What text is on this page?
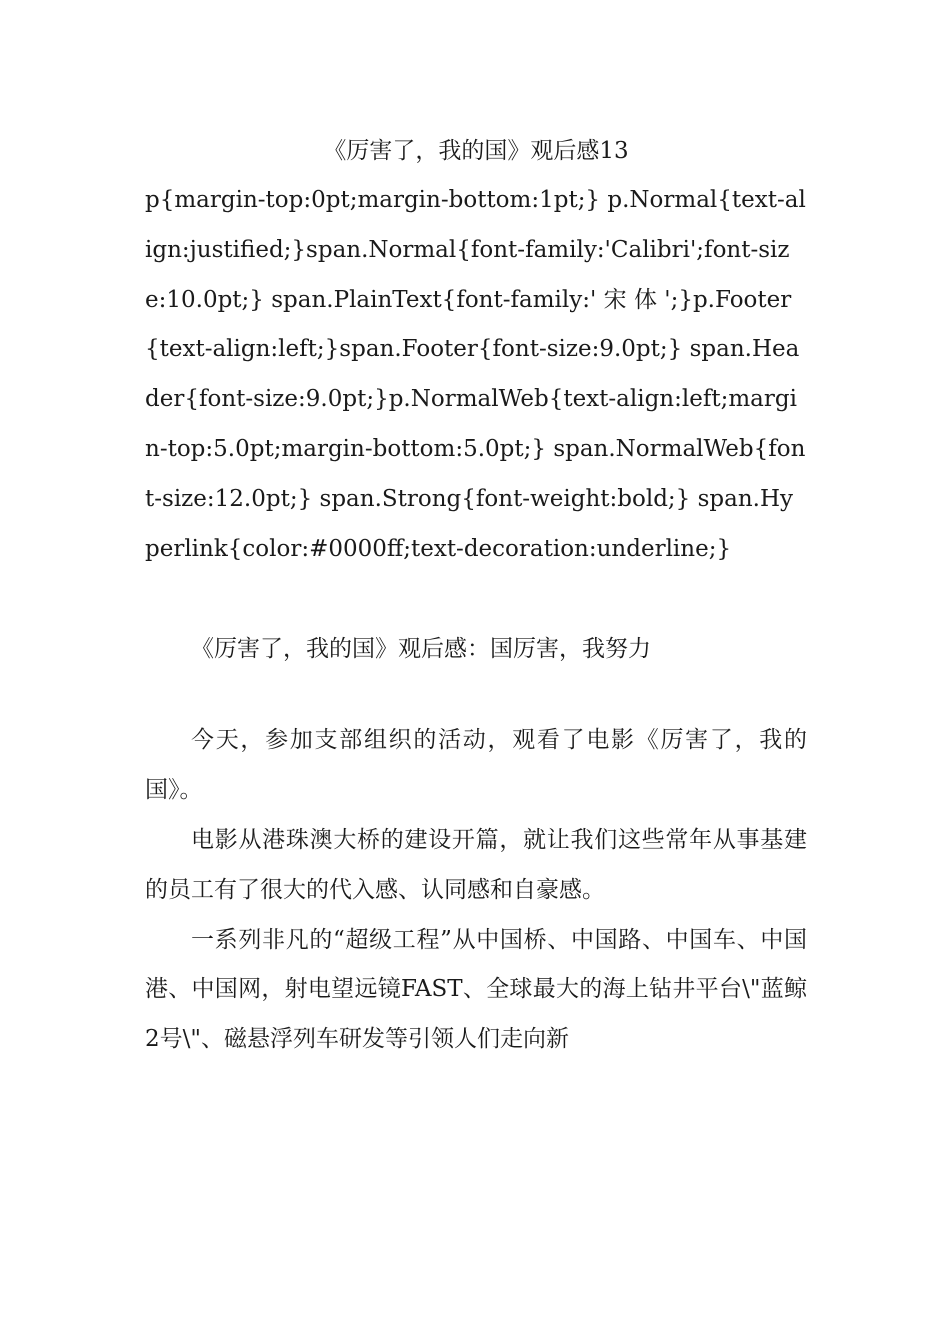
《厉害了，我的国》观后感13
p{margin-top:0pt;margin-bottom:1pt;} p.Normal{text-align:justified;}span.Normal{font-family:'Calibri';font-size:10.0pt;} span.PlainText{font-family:' 宋 体 ';}p.Footer{text-align:left;}span.Footer{font-size:9.0pt;} span.Header{font-size:9.0pt;}p.NormalWeb{text-align:left;margin-top:5.0pt;margin-bottom:5.0pt;} span.NormalWeb{font-size:12.0pt;} span.Strong{font-weight:bold;} span.Hyperlink{color:#0000ff;text-decoration:underline;}

《厉害了，我的国》观后感：国厉害，我努力

今天，参加支部组织的活动，观看了电影《厉害了，我的国》。

电影从港珠澳大桥的建设开篇，就让我们这些常年从事基建的员工有了很大的代入感、认同感和自豪感。

一系列非凡的“超级工程”从中国桥、中国路、中国车、中国港、中国网，射电望远镜FAST、全球最大的海上钻井平台\"蓝鲸2号\"、磁悬浮列车研发等引领人们走向新
